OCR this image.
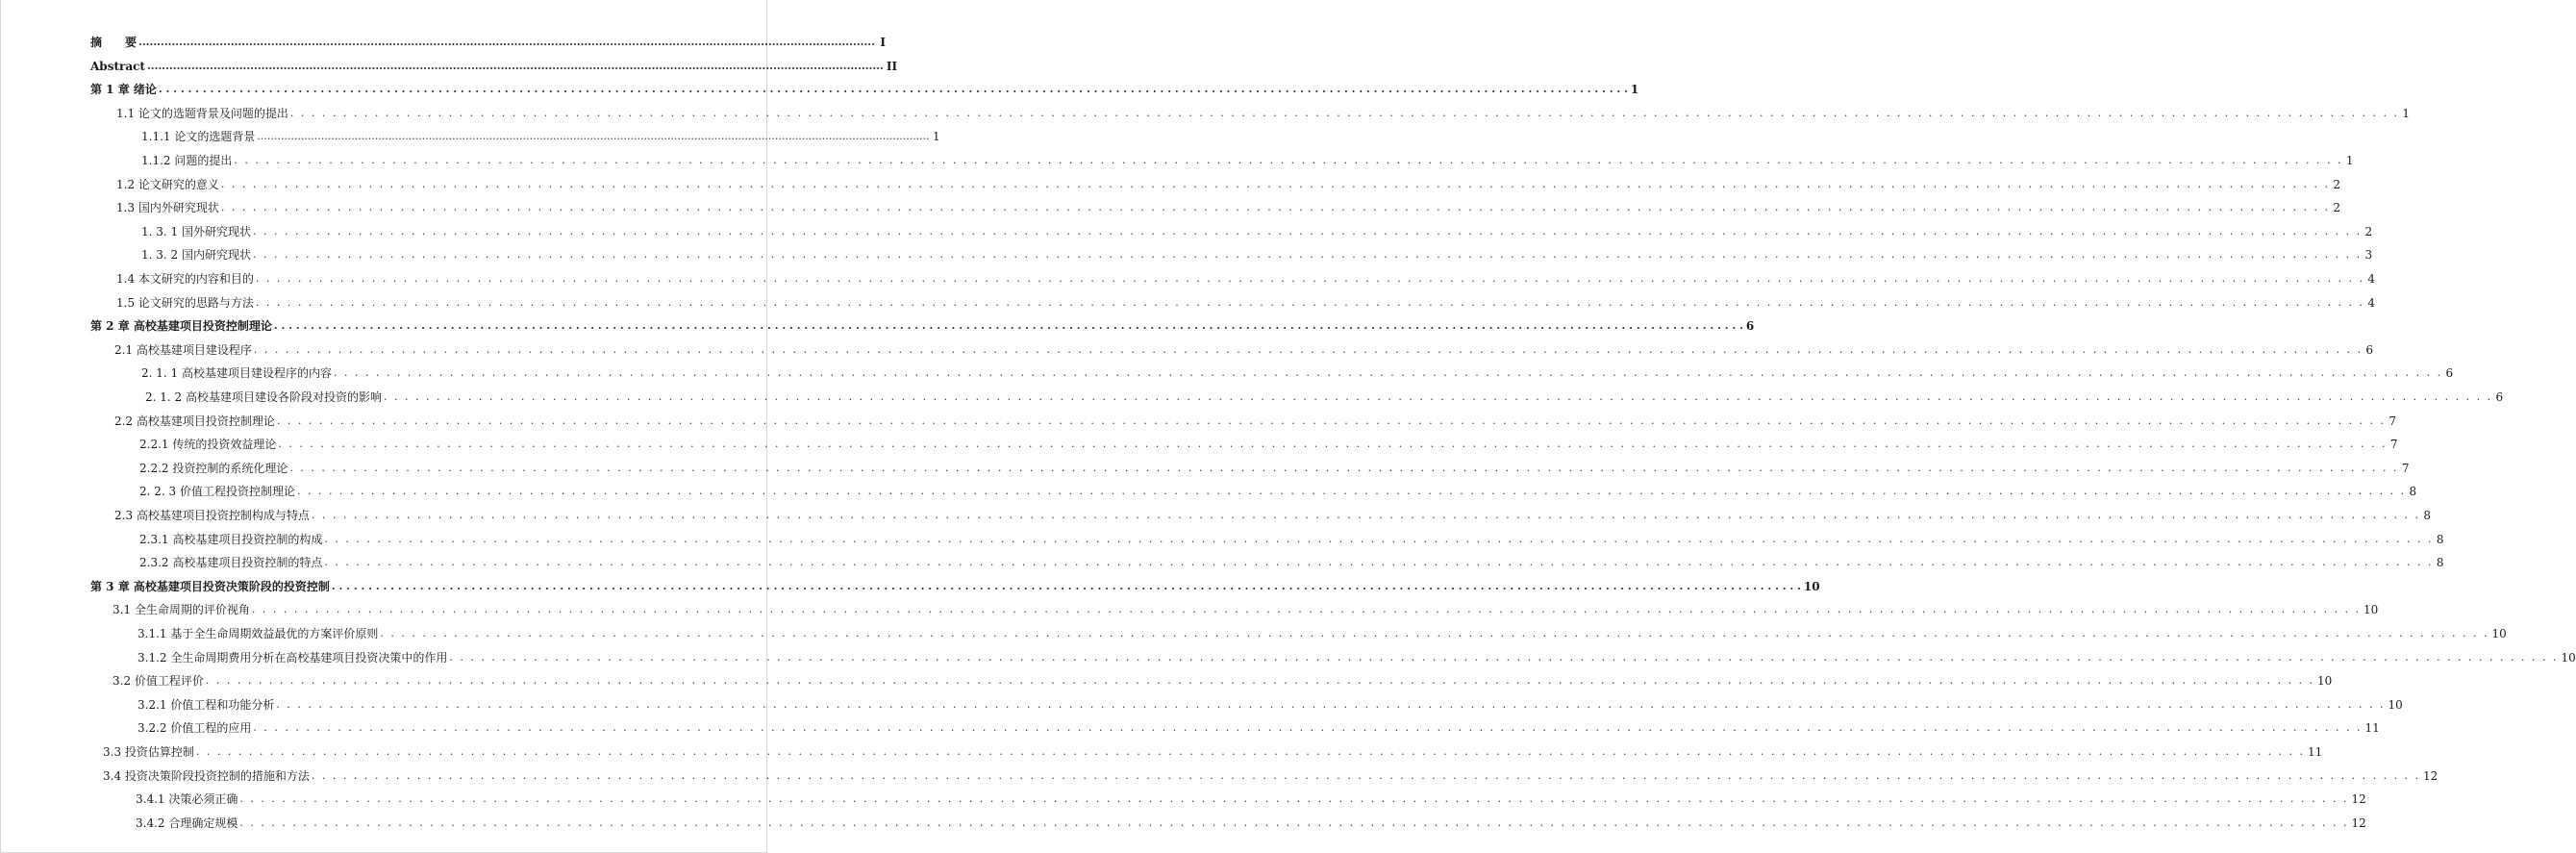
摘　　要 ........................................................................................................................................................................................................ I
Abstract ........................................................................................................................................................................................................ II
第 1 章 绪论 . . . . . . . . . . . . . . . . . . . . . . . . . . . . . . . . . . . . . . . . . . . . . . . . . . . . . . . . . . . . . . . . . . . . . . . . . . . . . . . . . . . . . . . . . . . . . . . . . . . . . . . . . . . . . . . . . . . . . . . . . . . . . . . . . . . . . . . . . . . . . . . . . . . . . . . . . . . . . . . . . . . . . . . . . . . . . . . . . . . . . . . . . . . . . . . . . . . . . . . . 1
1.1 论文的选题背景及问题的提出 . . . . . . . . . . . . . . . . . . . . . . . . . . . . . . . . . . . . . . . . . . . . . . . . . . . . . . . . . . . . . . . . . . . . . . . . . . . . . . . . . . . . . . . . . . . . . . . . . . . . . . . . . . . . . . . . . . . . . . . . . . . . . . . . . . . . . . . . . . . . . . . . . . . . . . . . . . . . . . . . . . . . . . . . . . . . . . . . . . . . . . . . . . . . . . . . . . . . . . . . 1
1.1.1 论文的选题背景 ........................................................................................................................................................................................................ 1
1.1.2 问题的提出 . . . . . . . . . . . . . . . . . . . . . . . . . . . . . . . . . . . . . . . . . . . . . . . . . . . . . . . . . . . . . . . . . . . . . . . . . . . . . . . . . . . . . . . . . . . . . . . . . . . . . . . . . . . . . . . . . . . . . . . . . . . . . . . . . . . . . . . . . . . . . . . . . . . . . . . . . . . . . . . . . . . . . . . . . . . . . . . . . . . . . . . . . . . . . . . . . . . . . . . . 1
1.2 论文研究的意义 . . . . . . . . . . . . . . . . . . . . . . . . . . . . . . . . . . . . . . . . . . . . . . . . . . . . . . . . . . . . . . . . . . . . . . . . . . . . . . . . . . . . . . . . . . . . . . . . . . . . . . . . . . . . . . . . . . . . . . . . . . . . . . . . . . . . . . . . . . . . . . . . . . . . . . . . . . . . . . . . . . . . . . . . . . . . . . . . . . . . . . . . . . . . . . . . . . . . . . . . 2
1.3 国内外研究现状 . . . . . . . . . . . . . . . . . . . . . . . . . . . . . . . . . . . . . . . . . . . . . . . . . . . . . . . . . . . . . . . . . . . . . . . . . . . . . . . . . . . . . . . . . . . . . . . . . . . . . . . . . . . . . . . . . . . . . . . . . . . . . . . . . . . . . . . . . . . . . . . . . . . . . . . . . . . . . . . . . . . . . . . . . . . . . . . . . . . . . . . . . . . . . . . . . . . . . . . . 2
1. 3. 1 国外研究现状 . . . . . . . . . . . . . . . . . . . . . . . . . . . . . . . . . . . . . . . . . . . . . . . . . . . . . . . . . . . . . . . . . . . . . . . . . . . . . . . . . . . . . . . . . . . . . . . . . . . . . . . . . . . . . . . . . . . . . . . . . . . . . . . . . . . . . . . . . . . . . . . . . . . . . . . . . . . . . . . . . . . . . . . . . . . . . . . . . . . . . . . . . . . . . . . . . . . . . . . . 2
1. 3. 2 国内研究现状 . . . . . . . . . . . . . . . . . . . . . . . . . . . . . . . . . . . . . . . . . . . . . . . . . . . . . . . . . . . . . . . . . . . . . . . . . . . . . . . . . . . . . . . . . . . . . . . . . . . . . . . . . . . . . . . . . . . . . . . . . . . . . . . . . . . . . . . . . . . . . . . . . . . . . . . . . . . . . . . . . . . . . . . . . . . . . . . . . . . . . . . . . . . . . . . . . . . . . . . . 3
1.4 本文研究的内容和目的 . . . . . . . . . . . . . . . . . . . . . . . . . . . . . . . . . . . . . . . . . . . . . . . . . . . . . . . . . . . . . . . . . . . . . . . . . . . . . . . . . . . . . . . . . . . . . . . . . . . . . . . . . . . . . . . . . . . . . . . . . . . . . . . . . . . . . . . . . . . . . . . . . . . . . . . . . . . . . . . . . . . . . . . . . . . . . . . . . . . . . . . . . . . . . . . . . . . . . . . . 4
1.5 论文研究的思路与方法 . . . . . . . . . . . . . . . . . . . . . . . . . . . . . . . . . . . . . . . . . . . . . . . . . . . . . . . . . . . . . . . . . . . . . . . . . . . . . . . . . . . . . . . . . . . . . . . . . . . . . . . . . . . . . . . . . . . . . . . . . . . . . . . . . . . . . . . . . . . . . . . . . . . . . . . . . . . . . . . . . . . . . . . . . . . . . . . . . . . . . . . . . . . . . . . . . . . . . . . . 4
第 2 章 高校基建项目投资控制理论 . . . . . . . . . . . . . . . . . . . . . . . . . . . . . . . . . . . . . . . . . . . . . . . . . . . . . . . . . . . . . . . . . . . . . . . . . . . . . . . . . . . . . . . . . . . . . . . . . . . . . . . . . . . . . . . . . . . . . . . . . . . . . . . . . . . . . . . . . . . . . . . . . . . . . . . . . . . . . . . . . . . . . . . . . . . . . . . . . . . . . . . . . . . . . . . . . . . . . . . . 6
2.1 高校基建项目建设程序 . . . . . . . . . . . . . . . . . . . . . . . . . . . . . . . . . . . . . . . . . . . . . . . . . . . . . . . . . . . . . . . . . . . . . . . . . . . . . . . . . . . . . . . . . . . . . . . . . . . . . . . . . . . . . . . . . . . . . . . . . . . . . . . . . . . . . . . . . . . . . . . . . . . . . . . . . . . . . . . . . . . . . . . . . . . . . . . . . . . . . . . . . . . . . . . . . . . . . . . . 6
2. 1. 1 高校基建项目建设程序的内容 . . . . . . . . . . . . . . . . . . . . . . . . . . . . . . . . . . . . . . . . . . . . . . . . . . . . . . . . . . . . . . . . . . . . . . . . . . . . . . . . . . . . . . . . . . . . . . . . . . . . . . . . . . . . . . . . . . . . . . . . . . . . . . . . . . . . . . . . . . . . . . . . . . . . . . . . . . . . . . . . . . . . . . . . . . . . . . . . . . . . . . . . . . . . . . . . . . . . . . . . 6
2. 1. 2 高校基建项目建设各阶段对投资的影响 . . . . . . . . . . . . . . . . . . . . . . . . . . . . . . . . . . . . . . . . . . . . . . . . . . . . . . . . . . . . . . . . . . . . . . . . . . . . . . . . . . . . . . . . . . . . . . . . . . . . . . . . . . . . . . . . . . . . . . . . . . . . . . . . . . . . . . . . . . . . . . . . . . . . . . . . . . . . . . . . . . . . . . . . . . . . . . . . . . . . . . . . . . . . . . . . . . . . . . . . 6
2.2 高校基建项目投资控制理论 . . . . . . . . . . . . . . . . . . . . . . . . . . . . . . . . . . . . . . . . . . . . . . . . . . . . . . . . . . . . . . . . . . . . . . . . . . . . . . . . . . . . . . . . . . . . . . . . . . . . . . . . . . . . . . . . . . . . . . . . . . . . . . . . . . . . . . . . . . . . . . . . . . . . . . . . . . . . . . . . . . . . . . . . . . . . . . . . . . . . . . . . . . . . . . . . . . . . . . . . 7
2.2.1 传统的投资效益理论 . . . . . . . . . . . . . . . . . . . . . . . . . . . . . . . . . . . . . . . . . . . . . . . . . . . . . . . . . . . . . . . . . . . . . . . . . . . . . . . . . . . . . . . . . . . . . . . . . . . . . . . . . . . . . . . . . . . . . . . . . . . . . . . . . . . . . . . . . . . . . . . . . . . . . . . . . . . . . . . . . . . . . . . . . . . . . . . . . . . . . . . . . . . . . . . . . . . . . . . . 7
2.2.2 投资控制的系统化理论 . . . . . . . . . . . . . . . . . . . . . . . . . . . . . . . . . . . . . . . . . . . . . . . . . . . . . . . . . . . . . . . . . . . . . . . . . . . . . . . . . . . . . . . . . . . . . . . . . . . . . . . . . . . . . . . . . . . . . . . . . . . . . . . . . . . . . . . . . . . . . . . . . . . . . . . . . . . . . . . . . . . . . . . . . . . . . . . . . . . . . . . . . . . . . . . . . . . . . . . . 7
2. 2. 3 价值工程投资控制理论 . . . . . . . . . . . . . . . . . . . . . . . . . . . . . . . . . . . . . . . . . . . . . . . . . . . . . . . . . . . . . . . . . . . . . . . . . . . . . . . . . . . . . . . . . . . . . . . . . . . . . . . . . . . . . . . . . . . . . . . . . . . . . . . . . . . . . . . . . . . . . . . . . . . . . . . . . . . . . . . . . . . . . . . . . . . . . . . . . . . . . . . . . . . . . . . . . . . . . . . . 8
2.3 高校基建项目投资控制构成与特点 . . . . . . . . . . . . . . . . . . . . . . . . . . . . . . . . . . . . . . . . . . . . . . . . . . . . . . . . . . . . . . . . . . . . . . . . . . . . . . . . . . . . . . . . . . . . . . . . . . . . . . . . . . . . . . . . . . . . . . . . . . . . . . . . . . . . . . . . . . . . . . . . . . . . . . . . . . . . . . . . . . . . . . . . . . . . . . . . . . . . . . . . . . . . . . . . . . . . . . . . 8
2.3.1 高校基建项目投资控制的构成 . . . . . . . . . . . . . . . . . . . . . . . . . . . . . . . . . . . . . . . . . . . . . . . . . . . . . . . . . . . . . . . . . . . . . . . . . . . . . . . . . . . . . . . . . . . . . . . . . . . . . . . . . . . . . . . . . . . . . . . . . . . . . . . . . . . . . . . . . . . . . . . . . . . . . . . . . . . . . . . . . . . . . . . . . . . . . . . . . . . . . . . . . . . . . . . . . . . . . . . . 8
2.3.2 高校基建项目投资控制的特点 . . . . . . . . . . . . . . . . . . . . . . . . . . . . . . . . . . . . . . . . . . . . . . . . . . . . . . . . . . . . . . . . . . . . . . . . . . . . . . . . . . . . . . . . . . . . . . . . . . . . . . . . . . . . . . . . . . . . . . . . . . . . . . . . . . . . . . . . . . . . . . . . . . . . . . . . . . . . . . . . . . . . . . . . . . . . . . . . . . . . . . . . . . . . . . . . . . . . . . . . 8
第 3 章 高校基建项目投资决策阶段的投资控制 . . . . . . . . . . . . . . . . . . . . . . . . . . . . . . . . . . . . . . . . . . . . . . . . . . . . . . . . . . . . . . . . . . . . . . . . . . . . . . . . . . . . . . . . . . . . . . . . . . . . . . . . . . . . . . . . . . . . . . . . . . . . . . . . . . . . . . . . . . . . . . . . . . . . . . . . . . . . . . . . . . . . . . . . . . . . . . . . . . . . . . . . . . . . . . . . . . . . . . . . 10
3.1 全生命周期的评价视角 . . . . . . . . . . . . . . . . . . . . . . . . . . . . . . . . . . . . . . . . . . . . . . . . . . . . . . . . . . . . . . . . . . . . . . . . . . . . . . . . . . . . . . . . . . . . . . . . . . . . . . . . . . . . . . . . . . . . . . . . . . . . . . . . . . . . . . . . . . . . . . . . . . . . . . . . . . . . . . . . . . . . . . . . . . . . . . . . . . . . . . . . . . . . . . . . . . . . . . . . 10
3.1.1 基于全生命周期效益最优的方案评价原则 . . . . . . . . . . . . . . . . . . . . . . . . . . . . . . . . . . . . . . . . . . . . . . . . . . . . . . . . . . . . . . . . . . . . . . . . . . . . . . . . . . . . . . . . . . . . . . . . . . . . . . . . . . . . . . . . . . . . . . . . . . . . . . . . . . . . . . . . . . . . . . . . . . . . . . . . . . . . . . . . . . . . . . . . . . . . . . . . . . . . . . . . . . . . . . . . . . . . . . . . 10
3.1.2 全生命周期费用分析在高校基建项目投资决策中的作用 . . . . . . . . . . . . . . . . . . . . . . . . . . . . . . . . . . . . . . . . . . . . . . . . . . . . . . . . . . . . . . . . . . . . . . . . . . . . . . . . . . . . . . . . . . . . . . . . . . . . . . . . . . . . . . . . . . . . . . . . . . . . . . . . . . . . . . . . . . . . . . . . . . . . . . . . . . . . . . . . . . . . . . . . . . . . . . . . . . . . . . . . . . . . . . . . . . . . . . . . 10
3.2 价值工程评价 . . . . . . . . . . . . . . . . . . . . . . . . . . . . . . . . . . . . . . . . . . . . . . . . . . . . . . . . . . . . . . . . . . . . . . . . . . . . . . . . . . . . . . . . . . . . . . . . . . . . . . . . . . . . . . . . . . . . . . . . . . . . . . . . . . . . . . . . . . . . . . . . . . . . . . . . . . . . . . . . . . . . . . . . . . . . . . . . . . . . . . . . . . . . . . . . . . . . . . . . 10
3.2.1 价值工程和功能分析 . . . . . . . . . . . . . . . . . . . . . . . . . . . . . . . . . . . . . . . . . . . . . . . . . . . . . . . . . . . . . . . . . . . . . . . . . . . . . . . . . . . . . . . . . . . . . . . . . . . . . . . . . . . . . . . . . . . . . . . . . . . . . . . . . . . . . . . . . . . . . . . . . . . . . . . . . . . . . . . . . . . . . . . . . . . . . . . . . . . . . . . . . . . . . . . . . . . . . . . . 10
3.2.2 价值工程的应用 . . . . . . . . . . . . . . . . . . . . . . . . . . . . . . . . . . . . . . . . . . . . . . . . . . . . . . . . . . . . . . . . . . . . . . . . . . . . . . . . . . . . . . . . . . . . . . . . . . . . . . . . . . . . . . . . . . . . . . . . . . . . . . . . . . . . . . . . . . . . . . . . . . . . . . . . . . . . . . . . . . . . . . . . . . . . . . . . . . . . . . . . . . . . . . . . . . . . . . . . 11
3.3 投资估算控制 . . . . . . . . . . . . . . . . . . . . . . . . . . . . . . . . . . . . . . . . . . . . . . . . . . . . . . . . . . . . . . . . . . . . . . . . . . . . . . . . . . . . . . . . . . . . . . . . . . . . . . . . . . . . . . . . . . . . . . . . . . . . . . . . . . . . . . . . . . . . . . . . . . . . . . . . . . . . . . . . . . . . . . . . . . . . . . . . . . . . . . . . . . . . . . . . . . . . . . . . 11
3.4 投资决策阶段投资控制的措施和方法 . . . . . . . . . . . . . . . . . . . . . . . . . . . . . . . . . . . . . . . . . . . . . . . . . . . . . . . . . . . . . . . . . . . . . . . . . . . . . . . . . . . . . . . . . . . . . . . . . . . . . . . . . . . . . . . . . . . . . . . . . . . . . . . . . . . . . . . . . . . . . . . . . . . . . . . . . . . . . . . . . . . . . . . . . . . . . . . . . . . . . . . . . . . . . . . . . . . . . . . . 12
3.4.1 决策必须正确 . . . . . . . . . . . . . . . . . . . . . . . . . . . . . . . . . . . . . . . . . . . . . . . . . . . . . . . . . . . . . . . . . . . . . . . . . . . . . . . . . . . . . . . . . . . . . . . . . . . . . . . . . . . . . . . . . . . . . . . . . . . . . . . . . . . . . . . . . . . . . . . . . . . . . . . . . . . . . . . . . . . . . . . . . . . . . . . . . . . . . . . . . . . . . . . . . . . . . . . . 12
3.4.2 合理确定规模 . . . . . . . . . . . . . . . . . . . . . . . . . . . . . . . . . . . . . . . . . . . . . . . . . . . . . . . . . . . . . . . . . . . . . . . . . . . . . . . . . . . . . . . . . . . . . . . . . . . . . . . . . . . . . . . . . . . . . . . . . . . . . . . . . . . . . . . . . . . . . . . . . . . . . . . . . . . . . . . . . . . . . . . . . . . . . . . . . . . . . . . . . . . . . . . . . . . . . . . . 12
